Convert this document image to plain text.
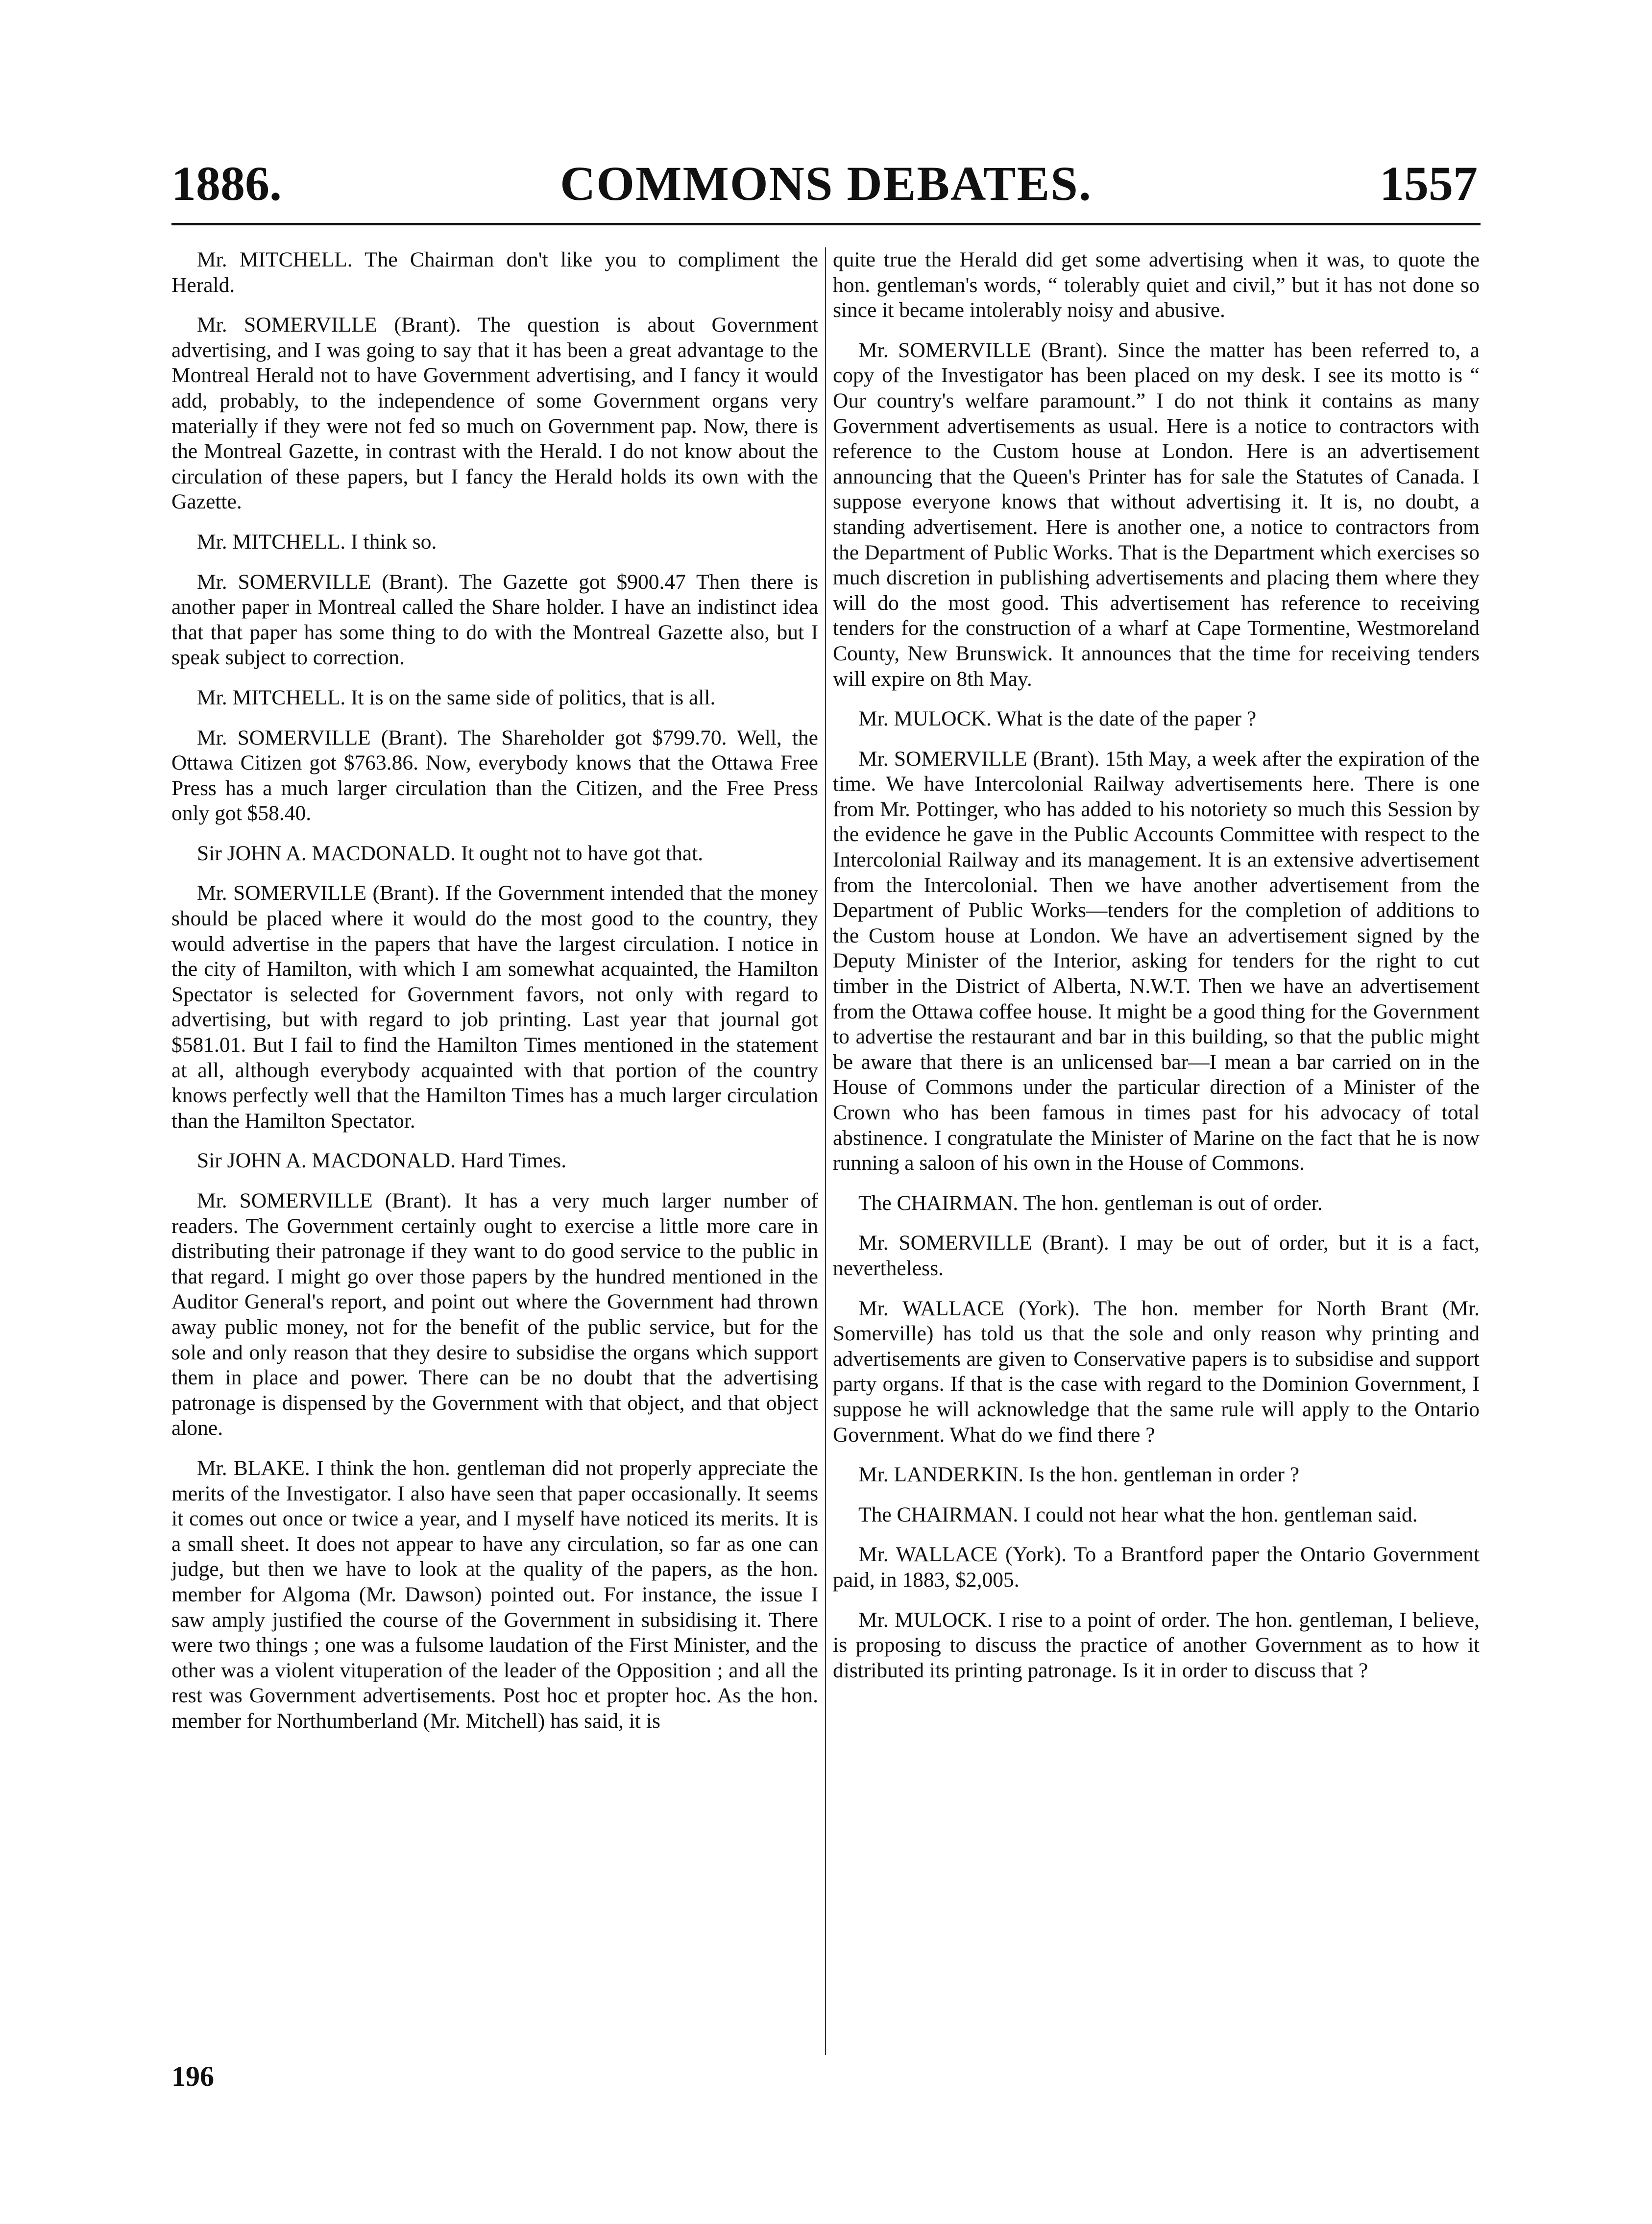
1886.	COMMONS DEBATES.	1557

Mr. MITCHELL. The Chairman don't like you to compliment the Herald.

Mr. SOMERVILLE (Brant). The question is about Government advertising, and I was going to say that it has been a great advantage to the Montreal Herald not to have Government advertising, and I fancy it would add, probably, to the independence of some Government organs very materially if they were not fed so much on Government pap. Now, there is the Montreal Gazette, in contrast with the Herald. I do not know about the circulation of these papers, but I fancy the Herald holds its own with the Gazette.

Mr. MITCHELL. I think so.

Mr. SOMERVILLE (Brant). The Gazette got $900.47 Then there is another paper in Montreal called the Share holder. I have an indistinct idea that that paper has some thing to do with the Montreal Gazette also, but I speak subject to correction.

Mr. MITCHELL. It is on the same side of politics, that is all.

Mr. SOMERVILLE (Brant). The Shareholder got $799.70. Well, the Ottawa Citizen got $763.86. Now, everybody knows that the Ottawa Free Press has a much larger circulation than the Citizen, and the Free Press only got $58.40.

Sir JOHN A. MACDONALD. It ought not to have got that.

Mr. SOMERVILLE (Brant). If the Government intended that the money should be placed where it would do the most good to the country, they would advertise in the papers that have the largest circulation. I notice in the city of Hamilton, with which I am somewhat acquainted, the Hamilton Spectator is selected for Government favors, not only with regard to advertising, but with regard to job printing. Last year that journal got $581.01. But I fail to find the Hamilton Times mentioned in the statement at all, although everybody acquainted with that portion of the country knows perfectly well that the Hamilton Times has a much larger circulation than the Hamilton Spectator.

Sir JOHN A. MACDONALD. Hard Times.

Mr. SOMERVILLE (Brant). It has a very much larger number of readers. The Government certainly ought to exercise a little more care in distributing their patronage if they want to do good service to the public in that regard. I might go over those papers by the hundred mentioned in the Auditor General's report, and point out where the Government had thrown away public money, not for the benefit of the public service, but for the sole and only reason that they desire to subsidise the organs which support them in place and power. There can be no doubt that the advertising patronage is dispensed by the Government with that object, and that object alone.

Mr. BLAKE. I think the hon. gentleman did not properly appreciate the merits of the Investigator. I also have seen that paper occasionally. It seems it comes out once or twice a year, and I myself have noticed its merits. It is a small sheet. It does not appear to have any circulation, so far as one can judge, but then we have to look at the quality of the papers, as the hon. member for Algoma (Mr. Dawson) pointed out. For instance, the issue I saw amply justified the course of the Government in subsidising it. There were two things ; one was a fulsome laudation of the First Minister, and the other was a violent vituperation of the leader of the Opposition ; and all the rest was Government advertisements. Post hoc et propter hoc. As the hon. member for Northumberland (Mr. Mitchell) has said, it is

quite true the Herald did get some advertising when it was, to quote the hon. gentleman's words, “ tolerably quiet and civil,” but it has not done so since it became intolerably noisy and abusive.

Mr. SOMERVILLE (Brant). Since the matter has been referred to, a copy of the Investigator has been placed on my desk. I see its motto is “ Our country's welfare paramount.” I do not think it contains as many Government advertisements as usual. Here is a notice to contractors with reference to the Custom house at London. Here is an advertisement announcing that the Queen's Printer has for sale the Statutes of Canada. I suppose everyone knows that without advertising it. It is, no doubt, a standing advertisement. Here is another one, a notice to contractors from the Department of Public Works. That is the Department which exercises so much discretion in publishing advertisements and placing them where they will do the most good. This advertisement has reference to receiving tenders for the construction of a wharf at Cape Tormentine, Westmoreland County, New Brunswick. It announces that the time for receiving tenders will expire on 8th May.

Mr. MULOCK. What is the date of the paper ?

Mr. SOMERVILLE (Brant). 15th May, a week after the expiration of the time. We have Intercolonial Railway advertisements here. There is one from Mr. Pottinger, who has added to his notoriety so much this Session by the evidence he gave in the Public Accounts Committee with respect to the Intercolonial Railway and its management. It is an extensive advertisement from the Intercolonial. Then we have another advertisement from the Department of Public Works—tenders for the completion of additions to the Custom house at London. We have an advertisement signed by the Deputy Minister of the Interior, asking for tenders for the right to cut timber in the District of Alberta, N.W.T. Then we have an advertisement from the Ottawa coffee house. It might be a good thing for the Government to advertise the restaurant and bar in this building, so that the public might be aware that there is an unlicensed bar—I mean a bar carried on in the House of Commons under the particular direction of a Minister of the Crown who has been famous in times past for his advocacy of total abstinence. I congratulate the Minister of Marine on the fact that he is now running a saloon of his own in the House of Commons.

The CHAIRMAN. The hon. gentleman is out of order.

Mr. SOMERVILLE (Brant). I may be out of order, but it is a fact, nevertheless.

Mr. WALLACE (York). The hon. member for North Brant (Mr. Somerville) has told us that the sole and only reason why printing and advertisements are given to Conservative papers is to subsidise and support party organs. If that is the case with regard to the Dominion Government, I suppose he will acknowledge that the same rule will apply to the Ontario Government. What do we find there ?

Mr. LANDERKIN. Is the hon. gentleman in order ?

The CHAIRMAN. I could not hear what the hon. gentleman said.

Mr. WALLACE (York). To a Brantford paper the Ontario Government paid, in 1883, $2,005.

Mr. MULOCK. I rise to a point of order. The hon. gentleman, I believe, is proposing to discuss the practice of another Government as to how it distributed its printing patronage. Is it in order to discuss that ?

196
